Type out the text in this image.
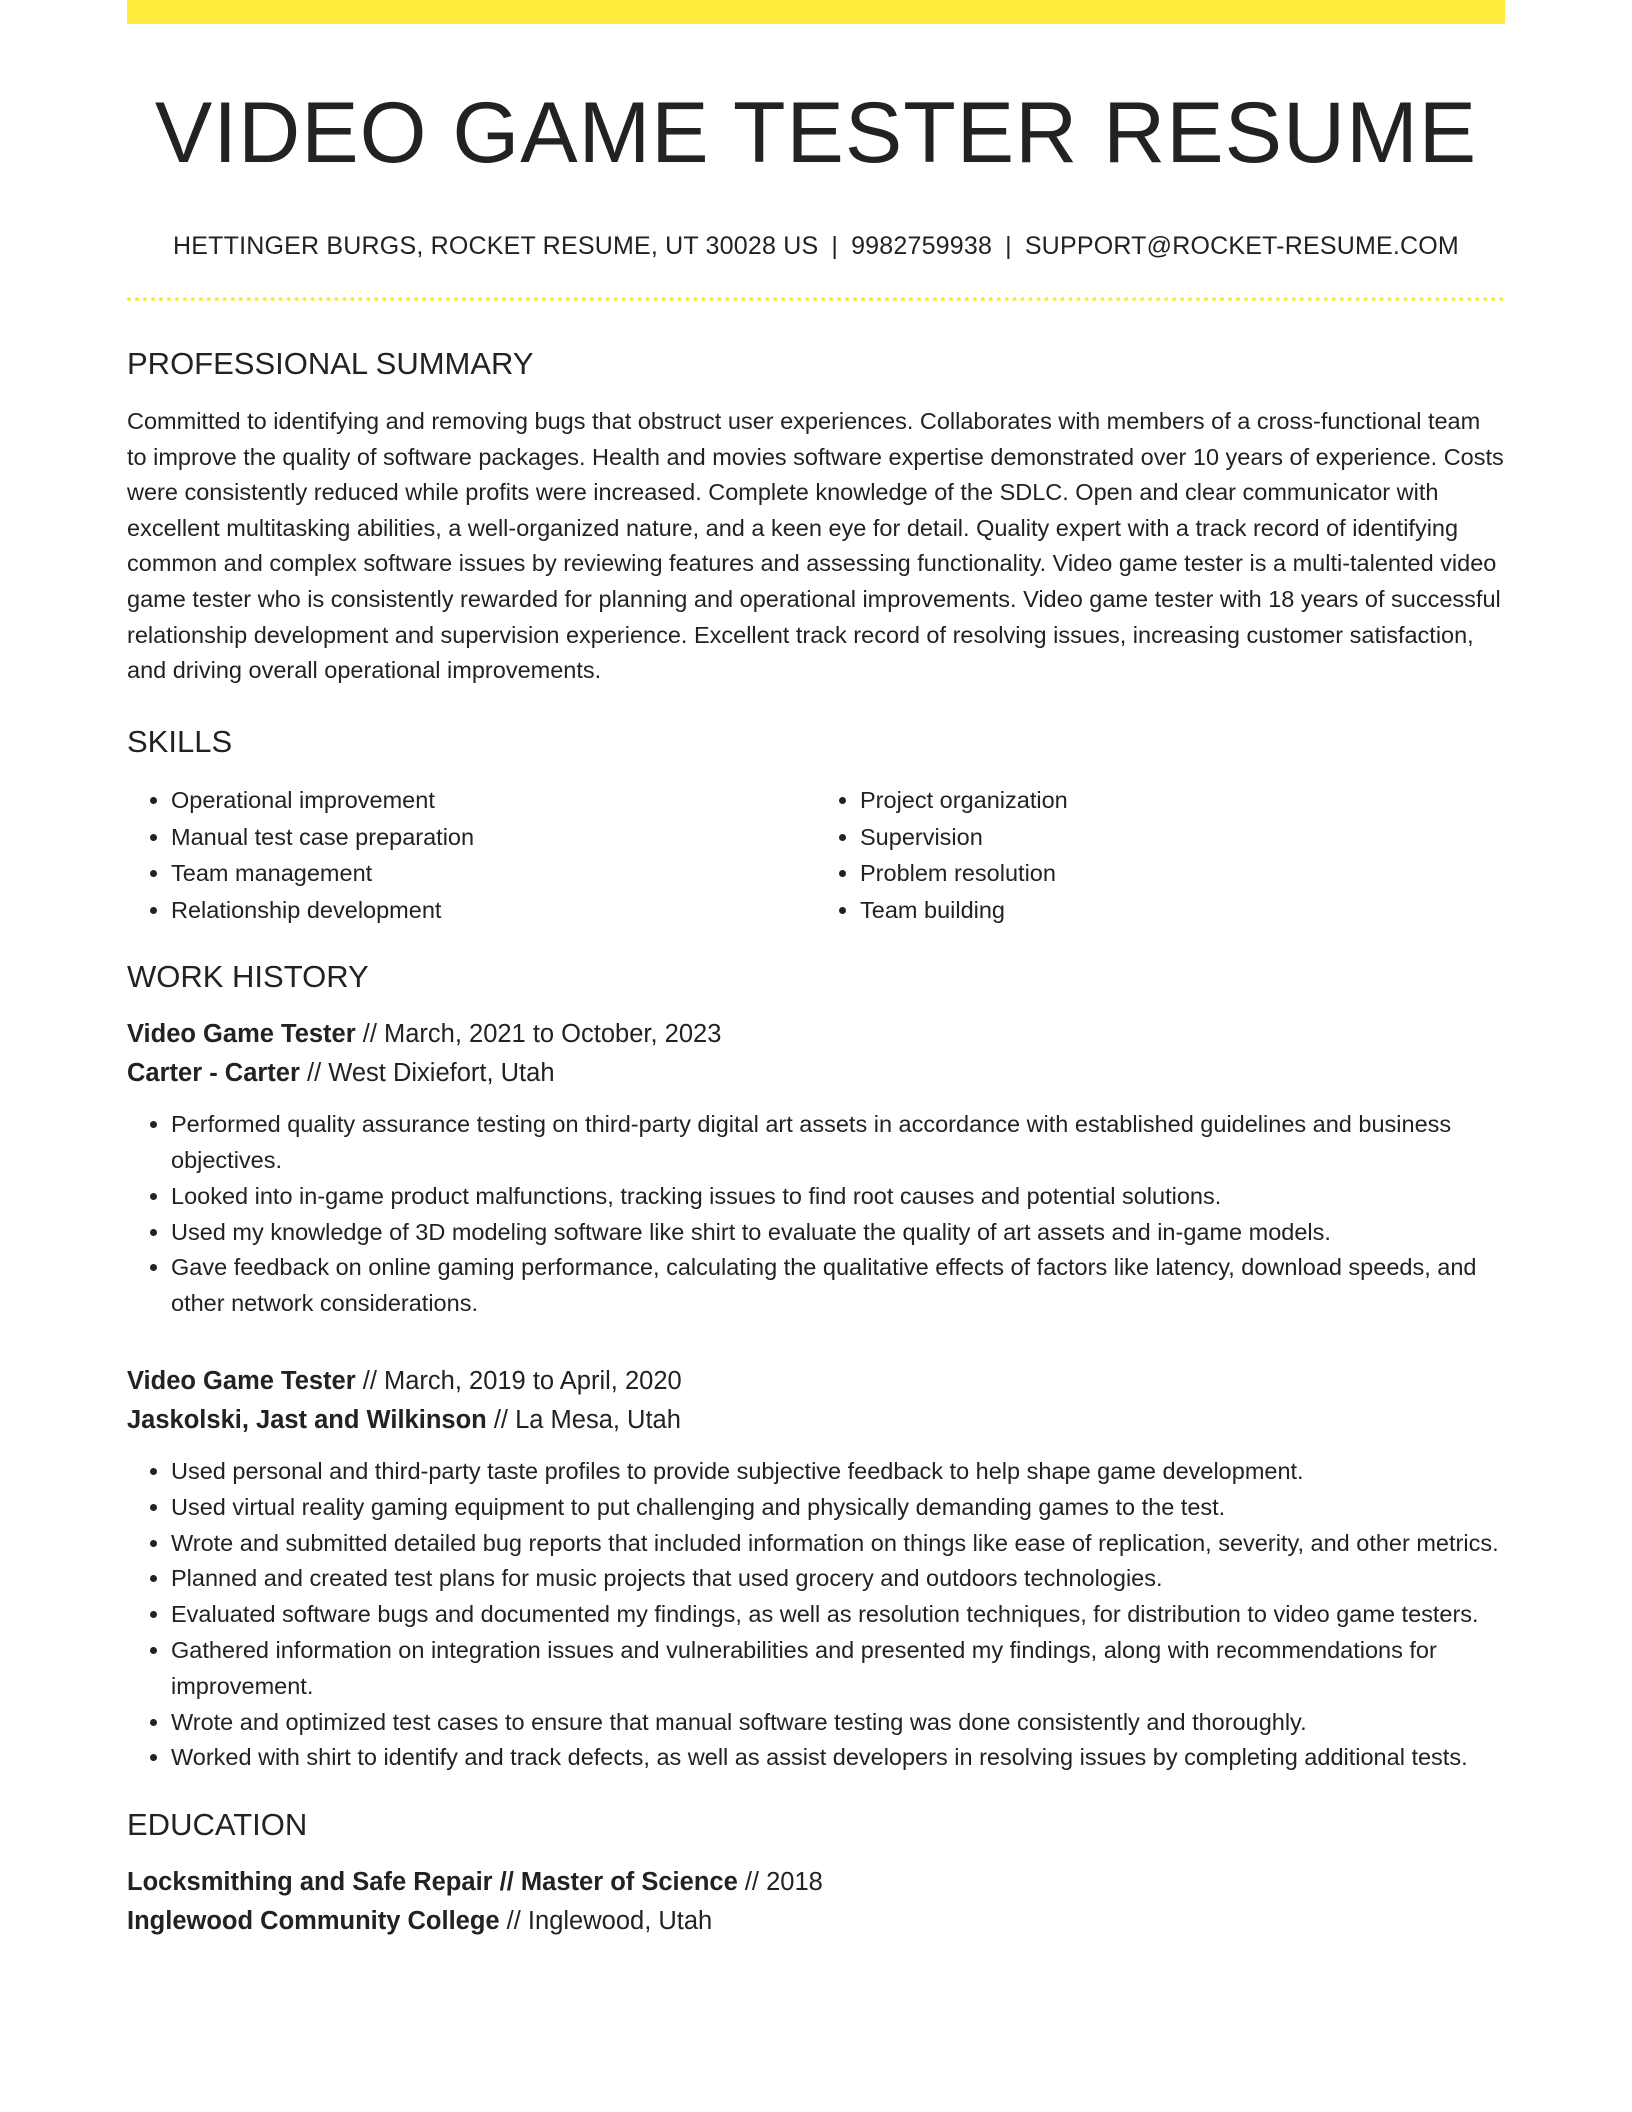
VIDEO GAME TESTER RESUME
HETTINGER BURGS, ROCKET RESUME, UT 30028 US | 9982759938 | SUPPORT@ROCKET-RESUME.COM
PROFESSIONAL SUMMARY
Committed to identifying and removing bugs that obstruct user experiences. Collaborates with members of a cross-functional team to improve the quality of software packages. Health and movies software expertise demonstrated over 10 years of experience. Costs were consistently reduced while profits were increased. Complete knowledge of the SDLC. Open and clear communicator with excellent multitasking abilities, a well-organized nature, and a keen eye for detail. Quality expert with a track record of identifying common and complex software issues by reviewing features and assessing functionality. Video game tester is a multi-talented video game tester who is consistently rewarded for planning and operational improvements. Video game tester with 18 years of successful relationship development and supervision experience. Excellent track record of resolving issues, increasing customer satisfaction, and driving overall operational improvements.
SKILLS
• Operational improvement
• Manual test case preparation
• Team management
• Relationship development
• Project organization
• Supervision
• Problem resolution
• Team building
WORK HISTORY
Video Game Tester // March, 2021 to October, 2023
Carter - Carter // West Dixiefort, Utah
• Performed quality assurance testing on third-party digital art assets in accordance with established guidelines and business objectives.
• Looked into in-game product malfunctions, tracking issues to find root causes and potential solutions.
• Used my knowledge of 3D modeling software like shirt to evaluate the quality of art assets and in-game models.
• Gave feedback on online gaming performance, calculating the qualitative effects of factors like latency, download speeds, and other network considerations.
Video Game Tester // March, 2019 to April, 2020
Jaskolski, Jast and Wilkinson // La Mesa, Utah
• Used personal and third-party taste profiles to provide subjective feedback to help shape game development.
• Used virtual reality gaming equipment to put challenging and physically demanding games to the test.
• Wrote and submitted detailed bug reports that included information on things like ease of replication, severity, and other metrics.
• Planned and created test plans for music projects that used grocery and outdoors technologies.
• Evaluated software bugs and documented my findings, as well as resolution techniques, for distribution to video game testers.
• Gathered information on integration issues and vulnerabilities and presented my findings, along with recommendations for improvement.
• Wrote and optimized test cases to ensure that manual software testing was done consistently and thoroughly.
• Worked with shirt to identify and track defects, as well as assist developers in resolving issues by completing additional tests.
EDUCATION
Locksmithing and Safe Repair // Master of Science // 2018
Inglewood Community College // Inglewood, Utah
